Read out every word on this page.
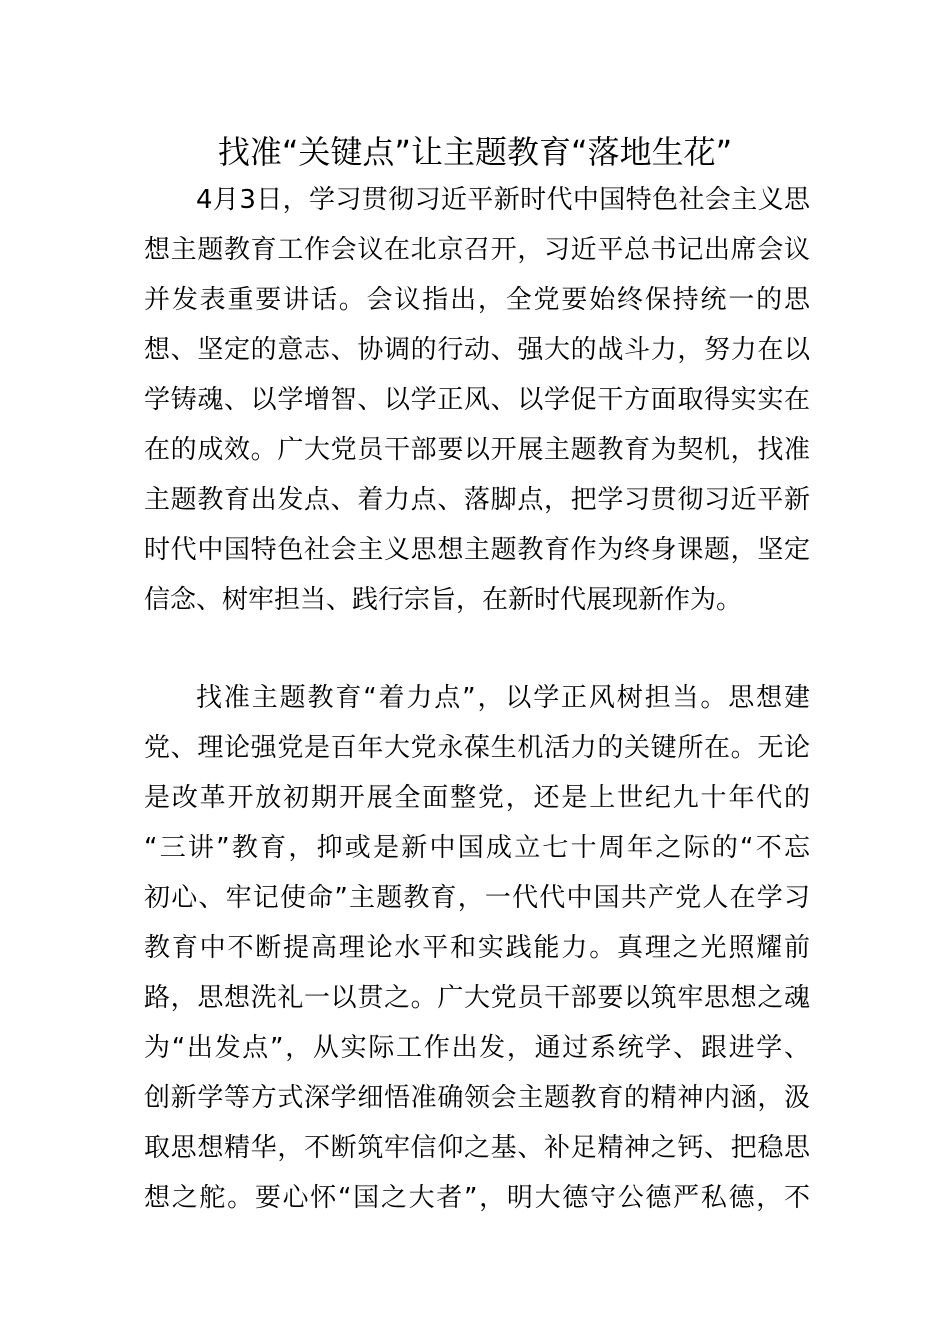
找准“关键点”让主题教育“落地生花”
4月3日，学习贯彻习近平新时代中国特色社会主义思
想主题教育工作会议在北京召开，习近平总书记出席会议
并发表重要讲话。会议指出，全党要始终保持统一的思
想、坚定的意志、协调的行动、强大的战斗力，努力在以
学铸魂、以学增智、以学正风、以学促干方面取得实实在
在的成效。广大党员干部要以开展主题教育为契机，找准
主题教育出发点、着力点、落脚点，把学习贯彻习近平新
时代中国特色社会主义思想主题教育作为终身课题，坚定
信念、树牢担当、践行宗旨，在新时代展现新作为。
找准主题教育“着力点”，以学正风树担当。思想建
党、理论强党是百年大党永葆生机活力的关键所在。无论
是改革开放初期开展全面整党，还是上世纪九十年代的
“三讲”教育，抑或是新中国成立七十周年之际的“不忘
初心、牢记使命”主题教育，一代代中国共产党人在学习
教育中不断提高理论水平和实践能力。真理之光照耀前
路，思想洗礼一以贯之。广大党员干部要以筑牢思想之魂
为“出发点”，从实际工作出发，通过系统学、跟进学、
创新学等方式深学细悟准确领会主题教育的精神内涵，汲
取思想精华，不断筑牢信仰之基、补足精神之钙、把稳思
想之舵。要心怀“国之大者”，明大德守公德严私德，不
